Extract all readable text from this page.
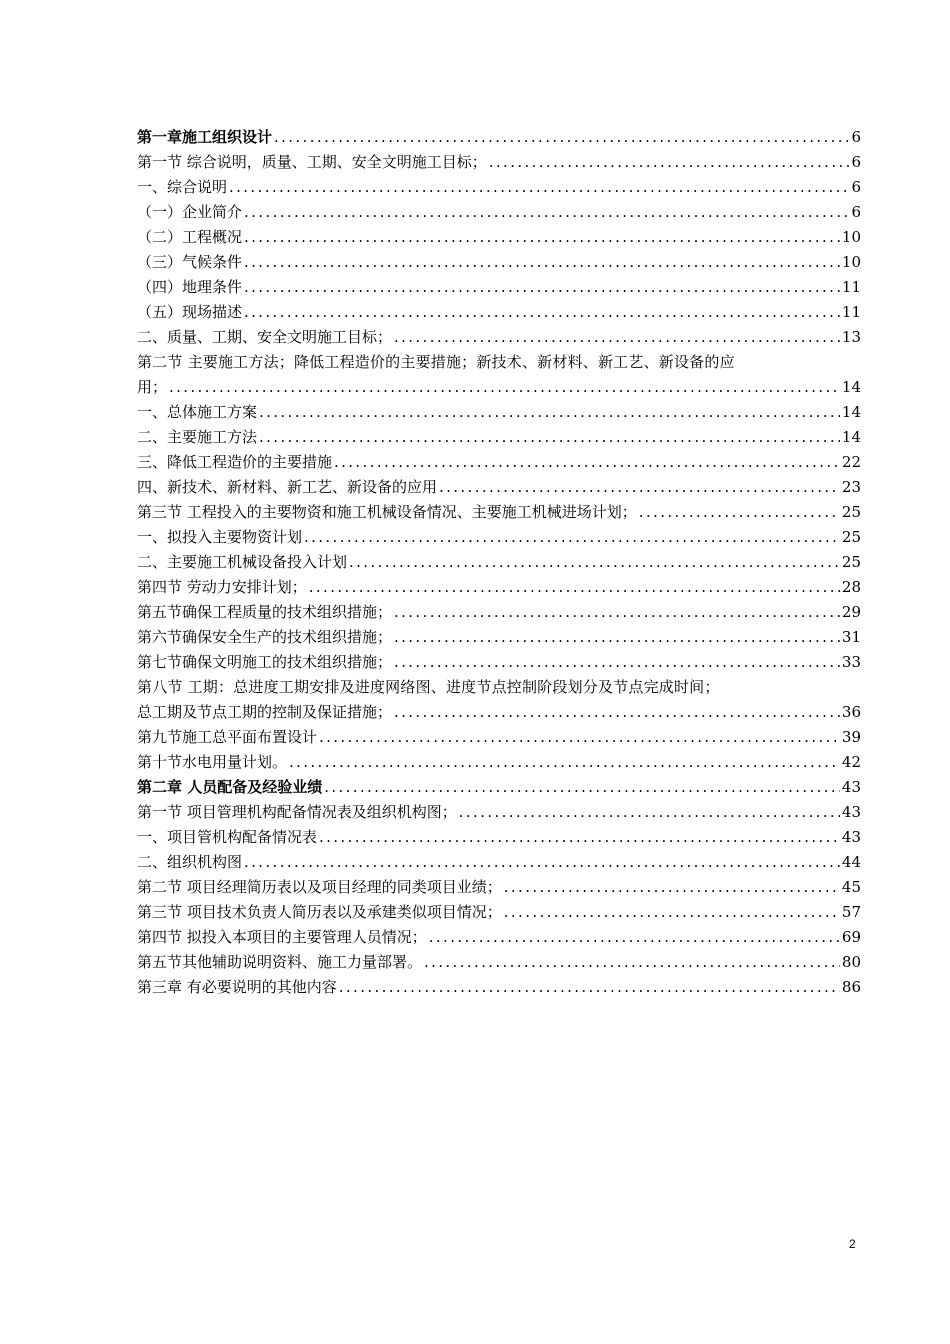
第一章施工组织设计 . . .	6
第一节 综合说明，质量、工期、安全文明施工目标； . . .	6
一、综合说明 . . .	6
（一）企业简介 . . .	6
（二）工程概况 . . .	10
（三）气候条件 . . .	10
（四）地理条件 . . .	11
（五）现场描述 . . .	11
二、质量、工期、安全文明施工目标； . . .	13
第二节 主要施工方法；降低工程造价的主要措施；新技术、新材料、新工艺、新设备的应
用； . . .	14
一、总体施工方案 . . .	14
二、主要施工方法 . . .	14
三、降低工程造价的主要措施 . . .	22
四、新技术、新材料、新工艺、新设备的应用 . . .	23
第三节 工程投入的主要物资和施工机械设备情况、主要施工机械进场计划； . . .	25
一、拟投入主要物资计划 . . .	25
二、主要施工机械设备投入计划 . . .	25
第四节 劳动力安排计划； . . .	28
第五节确保工程质量的技术组织措施； . . .	29
第六节确保安全生产的技术组织措施； . . .	31
第七节确保文明施工的技术组织措施； . . .	33
第八节 工期：总进度工期安排及进度网络图、进度节点控制阶段划分及节点完成时间；
总工期及节点工期的控制及保证措施； . . .	36
第九节施工总平面布置设计 . . .	39
第十节水电用量计划。 . . .	42
第二章 人员配备及经验业绩 . . .	43
第一节 项目管理机构配备情况表及组织机构图； . . .	43
一、项目管机构配备情况表 . . .	43
二、组织机构图 . . .	44
第二节 项目经理简历表以及项目经理的同类项目业绩； . . .	45
第三节 项目技术负责人简历表以及承建类似项目情况； . . .	57
第四节 拟投入本项目的主要管理人员情况； . . .	69
第五节其他辅助说明资料、施工力量部署。 . . .	80
第三章 有必要说明的其他内容 . . .	86
2
